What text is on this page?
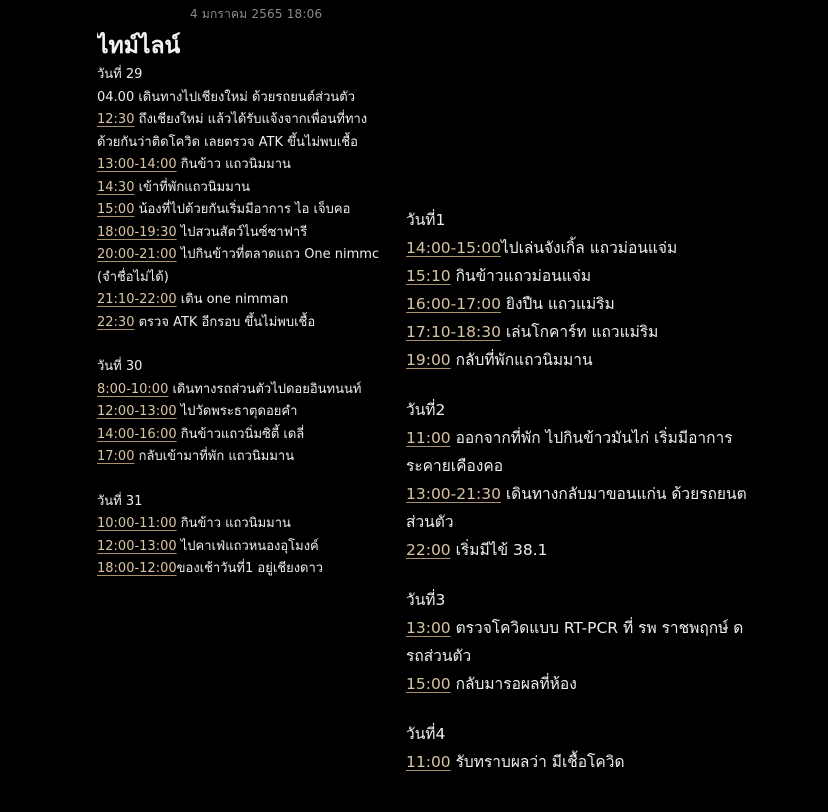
4 มกราคม 2565 18:06
ไทม์ไลน์
วันที่ 29
04.00 เดินทางไปเชียงใหม่ ด้วยรถยนต์ส่วนตัว
12:30 ถึงเชียงใหม่ แล้วได้รับแจ้งจากเพื่อนที่ทาง
ด้วยกันว่าติดโควิด เลยตรวจ ATK ขึ้นไม่พบเชื้อ
13:00-14:00 กินข้าว แถวนิมมาน
14:30 เข้าที่พักแถวนิมมาน
15:00 น้องที่ไปด้วยกันเริ่มมีอาการ ไอ เจ็บคอ
18:00-19:30 ไปสวนสัตว์ไนซ์ซาฟารี
20:00-21:00 ไปกินข้าวที่ตลาดแถว One nimmc
(จำชื่อไม่ได้)
21:10-22:00 เดิน one nimman
22:30 ตรวจ ATK อีกรอบ ขึ้นไม่พบเชื้อ
วันที่ 30
8:00-10:00 เดินทางรถส่วนตัวไปดอยอินทนนท์
12:00-13:00 ไปวัดพระธาตุดอยคำ
14:00-16:00 กินข้าวแถวนิ่มซิตี้ เดลี่
17:00 กลับเข้ามาที่พัก แถวนิมมาน
วันที่ 31
10:00-11:00 กินข้าว แถวนิมมาน
12:00-13:00 ไปคาเฟ่แถวหนองอุโมงค์
18:00-12:00ของเช้าวันที่1 อยู่เชียงดาว
วันที่1
14:00-15:00ไปเล่นจังเกิ้ล แถวม่อนแจ่ม
15:10 กินข้าวแถวม่อนแจ่ม
16:00-17:00 ยิงปืน แถวแม่ริม
17:10-18:30 เล่นโกคาร์ท แถวแม่ริม
19:00 กลับที่พักแถวนิมมาน
วันที่2
11:00 ออกจากที่พัก ไปกินข้าวมันไก่ เริ่มมีอาการ
ระคายเคืองคอ
13:00-21:30 เดินทางกลับมาขอนแก่น ด้วยรถยนต
ส่วนตัว
22:00 เริ่มมีไข้ 38.1
วันที่3
13:00 ตรวจโควิดแบบ RT-PCR ที่ รพ ราชพฤกษ์ ด
รถส่วนตัว
15:00 กลับมารอผลที่ห้อง
วันที่4
11:00 รับทราบผลว่า มีเชื้อโควิด
